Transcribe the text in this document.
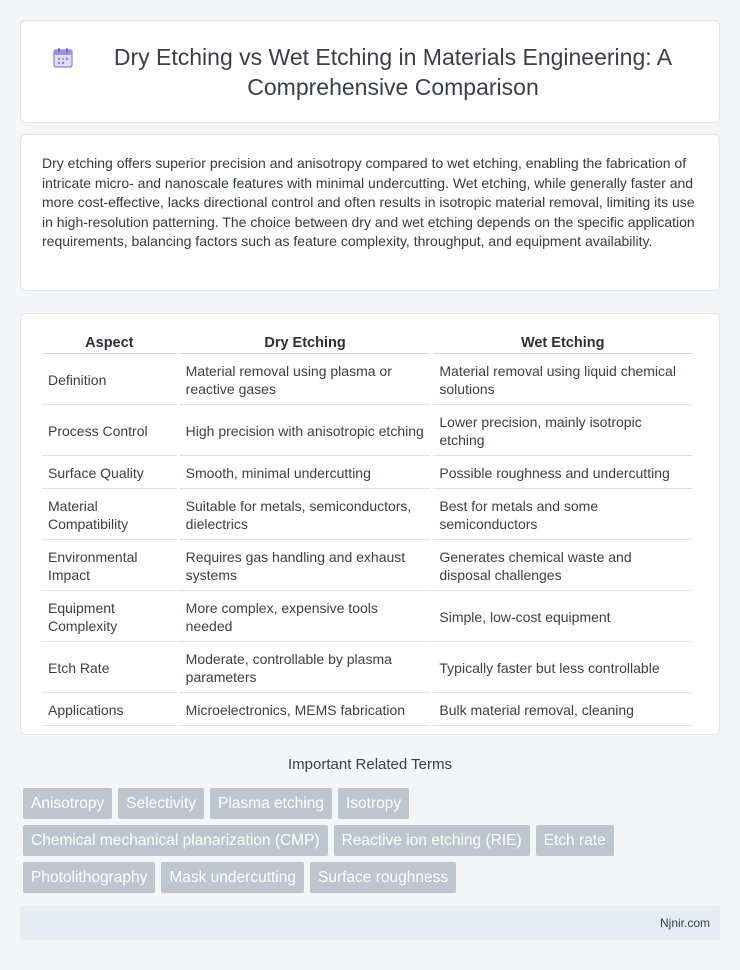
Dry Etching vs Wet Etching in Materials Engineering: A Comprehensive Comparison

Dry etching offers superior precision and anisotropy compared to wet etching, enabling the fabrication of intricate micro- and nanoscale features with minimal undercutting. Wet etching, while generally faster and more cost-effective, lacks directional control and often results in isotropic material removal, limiting its use in high-resolution patterning. The choice between dry and wet etching depends on the specific application requirements, balancing factors such as feature complexity, throughput, and equipment availability.

Aspect	Dry Etching	Wet Etching
Definition	Material removal using plasma or reactive gases	Material removal using liquid chemical solutions
Process Control	High precision with anisotropic etching	Lower precision, mainly isotropic etching
Surface Quality	Smooth, minimal undercutting	Possible roughness and undercutting
Material Compatibility	Suitable for metals, semiconductors, dielectrics	Best for metals and some semiconductors
Environmental Impact	Requires gas handling and exhaust systems	Generates chemical waste and disposal challenges
Equipment Complexity	More complex, expensive tools needed	Simple, low-cost equipment
Etch Rate	Moderate, controllable by plasma parameters	Typically faster but less controllable
Applications	Microelectronics, MEMS fabrication	Bulk material removal, cleaning
Important Related Terms
Anisotropy	Selectivity	Plasma etching	Isotropy
Chemical mechanical planarization (CMP)	Reactive ion etching (RIE)	Etch rate
Photolithography	Mask undercutting	Surface roughness
Njnir.com
